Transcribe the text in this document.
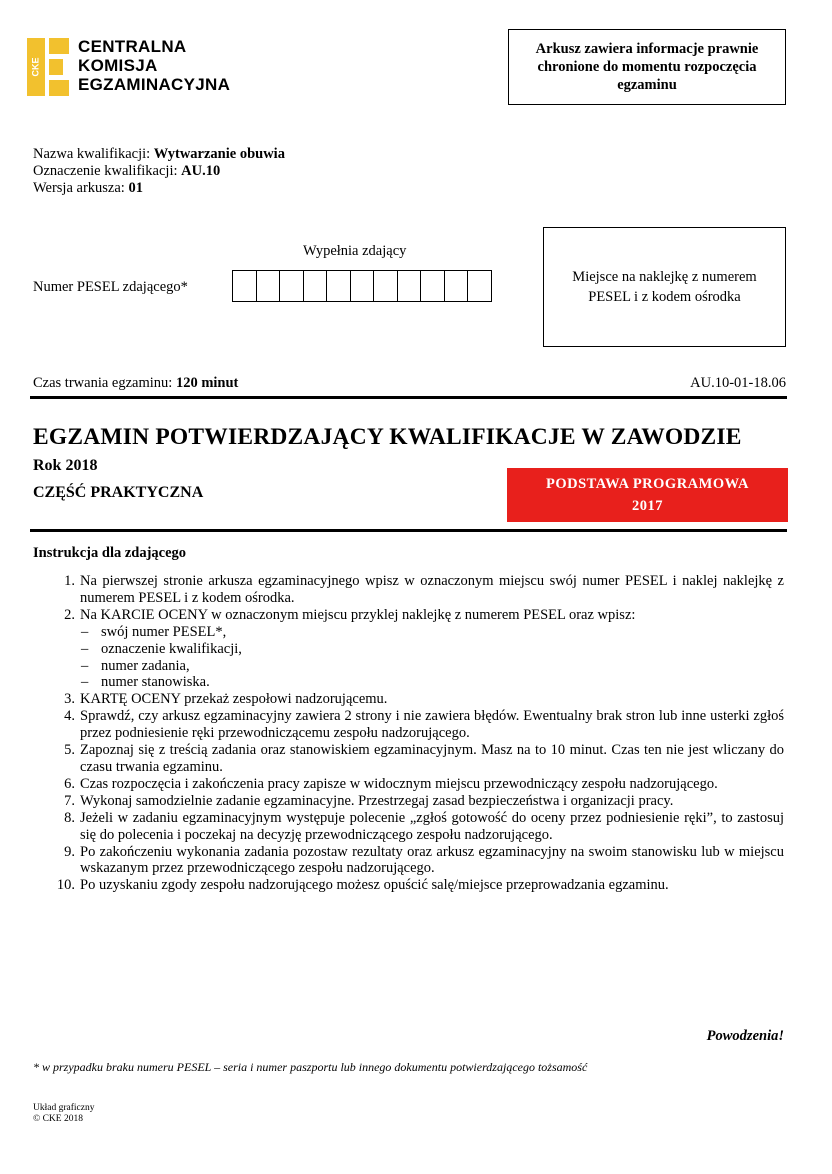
CKE
CENTRALNA
KOMISJA
EGZAMINACYJNA
Arkusz zawiera informacje prawnie chronione do momentu rozpoczęcia egzaminu
Nazwa kwalifikacji: Wytwarzanie obuwia
Oznaczenie kwalifikacji: AU.10
Wersja arkusza: 01
Wypełnia zdający
Numer PESEL zdającego*
Miejsce na naklejkę z numerem PESEL i z kodem ośrodka
Czas trwania egzaminu: 120 minut	AU.10-01-18.06
EGZAMIN POTWIERDZAJĄCY KWALIFIKACJE W ZAWODZIE
Rok 2018
CZĘŚĆ PRAKTYCZNA	PODSTAWA PROGRAMOWA
2017
Instrukcja dla zdającego
1. Na pierwszej stronie arkusza egzaminacyjnego wpisz w oznaczonym miejscu swój numer PESEL i naklej naklejkę z numerem PESEL i z kodem ośrodka.
2. Na KARCIE OCENY w oznaczonym miejscu przyklej naklejkę z numerem PESEL oraz wpisz:
– swój numer PESEL*,
– oznaczenie kwalifikacji,
– numer zadania,
– numer stanowiska.
3. KARTĘ OCENY przekaż zespołowi nadzorującemu.
4. Sprawdź, czy arkusz egzaminacyjny zawiera 2 strony i nie zawiera błędów. Ewentualny brak stron lub inne usterki zgłoś przez podniesienie ręki przewodniczącemu zespołu nadzorującego.
5. Zapoznaj się z treścią zadania oraz stanowiskiem egzaminacyjnym. Masz na to 10 minut. Czas ten nie jest wliczany do czasu trwania egzaminu.
6. Czas rozpoczęcia i zakończenia pracy zapisze w widocznym miejscu przewodniczący zespołu nadzorującego.
7. Wykonaj samodzielnie zadanie egzaminacyjne. Przestrzegaj zasad bezpieczeństwa i organizacji pracy.
8. Jeżeli w zadaniu egzaminacyjnym występuje polecenie „zgłoś gotowość do oceny przez podniesienie ręki”, to zastosuj się do polecenia i poczekaj na decyzję przewodniczącego zespołu nadzorującego.
9. Po zakończeniu wykonania zadania pozostaw rezultaty oraz arkusz egzaminacyjny na swoim stanowisku lub w miejscu wskazanym przez przewodniczącego zespołu nadzorującego.
10. Po uzyskaniu zgody zespołu nadzorującego możesz opuścić salę/miejsce przeprowadzania egzaminu.
Powodzenia!
* w przypadku braku numeru PESEL – seria i numer paszportu lub innego dokumentu potwierdzającego tożsamość
Układ graficzny
© CKE 2018
